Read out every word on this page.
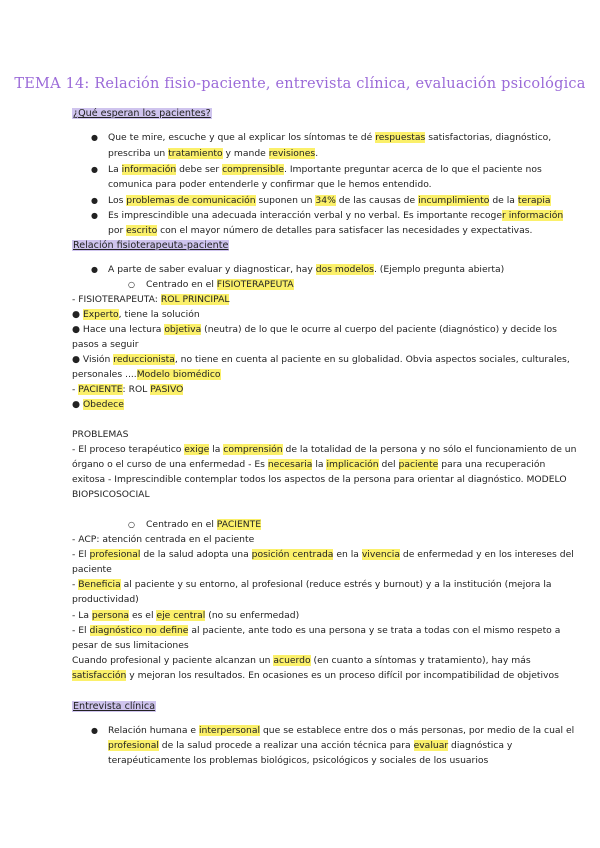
TEMA 14: Relación fisio-paciente, entrevista clínica, evaluación psicológica
¿Qué esperan los pacientes?
● Que te mire, escuche y que al explicar los síntomas te dé respuestas satisfactorias, diagnóstico,
prescriba un tratamiento y mande revisiones.
● La información debe ser comprensible. Importante preguntar acerca de lo que el paciente nos
comunica para poder entenderle y confirmar que le hemos entendido.
● Los problemas de comunicación suponen un 34% de las causas de incumplimiento de la terapia
● Es imprescindible una adecuada interacción verbal y no verbal. Es importante recoger información
por escrito con el mayor número de detalles para satisfacer las necesidades y expectativas.
Relación fisioterapeuta-paciente
● A parte de saber evaluar y diagnosticar, hay dos modelos. (Ejemplo pregunta abierta)
○ Centrado en el FISIOTERAPEUTA
- FISIOTERAPEUTA: ROL PRINCIPAL
● Experto, tiene la solución
● Hace una lectura objetiva (neutra) de lo que le ocurre al cuerpo del paciente (diagnóstico) y decide los
pasos a seguir
● Visión reduccionista, no tiene en cuenta al paciente en su globalidad. Obvia aspectos sociales, culturales,
personales ....Modelo biomédico
- PACIENTE: ROL PASIVO
● Obedece
PROBLEMAS
- El proceso terapéutico exige la comprensión de la totalidad de la persona y no sólo el funcionamiento de un
órgano o el curso de una enfermedad - Es necesaria la implicación del paciente para una recuperación
exitosa - Imprescindible contemplar todos los aspectos de la persona para orientar al diagnóstico. MODELO
BIOPSICOSOCIAL
○ Centrado en el PACIENTE
- ACP: atención centrada en el paciente
- El profesional de la salud adopta una posición centrada en la vivencia de enfermedad y en los intereses del
paciente
- Beneficia al paciente y su entorno, al profesional (reduce estrés y burnout) y a la institución (mejora la
productividad)
- La persona es el eje central (no su enfermedad)
- El diagnóstico no define al paciente, ante todo es una persona y se trata a todas con el mismo respeto a
pesar de sus limitaciones
Cuando profesional y paciente alcanzan un acuerdo (en cuanto a síntomas y tratamiento), hay más
satisfacción y mejoran los resultados. En ocasiones es un proceso difícil por incompatibilidad de objetivos
Entrevista clínica
● Relación humana e interpersonal que se establece entre dos o más personas, por medio de la cual el
profesional de la salud procede a realizar una acción técnica para evaluar diagnóstica y
terapéuticamente los problemas biológicos, psicológicos y sociales de los usuarios
